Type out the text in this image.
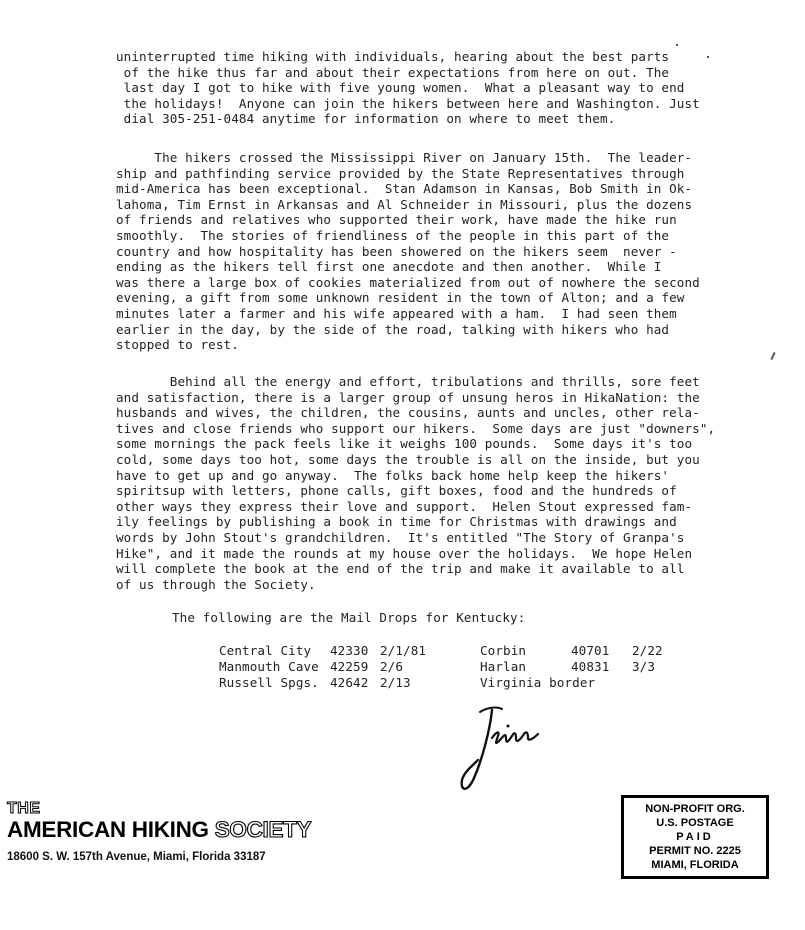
uninterrupted time hiking with individuals, hearing about the best parts
of the hike thus far and about their expectations from here on out. The
last day I got to hike with five young women.  What a pleasant way to end
the holidays!  Anyone can join the hikers between here and Washington. Just
dial 305-251-0484 anytime for information on where to meet them.
The hikers crossed the Mississippi River on January 15th.  The leader-
ship and pathfinding service provided by the State Representatives through
mid-America has been exceptional.  Stan Adamson in Kansas, Bob Smith in Ok-
lahoma, Tim Ernst in Arkansas and Al Schneider in Missouri, plus the dozens
of friends and relatives who supported their work, have made the hike run
smoothly.  The stories of friendliness of the people in this part of the
country and how hospitality has been showered on the hikers seem  never -
ending as the hikers tell first one anecdote and then another.  While I
was there a large box of cookies materialized from out of nowhere the second
evening, a gift from some unknown resident in the town of Alton; and a few
minutes later a farmer and his wife appeared with a ham.  I had seen them
earlier in the day, by the side of the road, talking with hikers who had
stopped to rest.
Behind all the energy and effort, tribulations and thrills, sore feet
and satisfaction, there is a larger group of unsung heros in HikaNation: the
husbands and wives, the children, the cousins, aunts and uncles, other rela-
tives and close friends who support our hikers.  Some days are just "downers",
some mornings the pack feels like it weighs 100 pounds.  Some days it's too
cold, some days too hot, some days the trouble is all on the inside, but you
have to get up and go anyway.  The folks back home help keep the hikers'
spiritsup with letters, phone calls, gift boxes, food and the hundreds of
other ways they express their love and support.  Helen Stout expressed fam-
ily feelings by publishing a book in time for Christmas with drawings and
words by John Stout's grandchildren.  It's entitled "The Story of Granpa's
Hike", and it made the rounds at my house over the holidays.  We hope Helen
will complete the book at the end of the trip and make it available to all
of us through the Society.
The following are the Mail Drops for Kentucky:
Central City 42330 2/1/81
Manmouth Cave 42259 2/6
Russell Spgs. 42642 2/13
Corbin	40701 2/22
Harlan	40831 3/3
Virginia border
THE
AMERICAN HIKING SOCIETY
18600 S. W. 157th Avenue, Miami, Florida 33187
NON-PROFIT ORG.
U.S. POSTAGE
PAID
PERMIT NO. 2225
MIAMI, FLORIDA
